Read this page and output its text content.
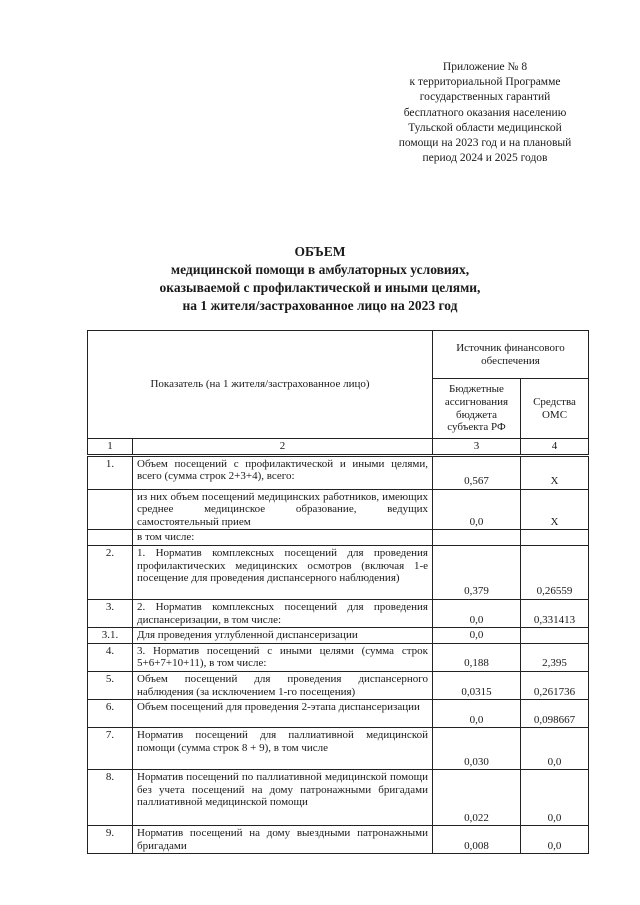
Приложение № 8
к территориальной Программе
государственных гарантий
бесплатного оказания населению
Тульской области медицинской
помощи на 2023 год и на плановый
период 2024 и 2025 годов
ОБЪЕМ
медицинской помощи в амбулаторных условиях,
оказываемой с профилактической и иными целями,
на 1 жителя/застрахованное лицо на 2023 год
Показатель (на 1 жителя/застрахованное лицо)		Источник финансового обеспечения	
		Бюджетные ассигнования бюджета субъекта РФ	Средства ОМС
1	2	3	4
1.	Объем посещений с профилактической и иными целями, всего (сумма строк 2+3+4), всего:	0,567	Х
	из них объем посещений медицинских работников, имеющих среднее медицинское образование, ведущих самостоятельный прием	0,0	Х
	в том числе:		
2.	1. Норматив комплексных посещений для проведения профилактических медицинских осмотров (включая 1-е посещение для проведения диспансерного наблюдения)	0,379	0,26559
3.	2. Норматив комплексных посещений для проведения диспансеризации, в том числе:	0,0	0,331413
3.1.	Для проведения углубленной диспансеризации	0,0	
4.	3. Норматив посещений с иными целями (сумма строк 5+6+7+10+11), в том числе:	0,188	2,395
5.	Объем посещений для проведения диспансерного наблюдения (за исключением 1-го посещения)	0,0315	0,261736
6.	Объем посещений для проведения 2-этапа диспансеризации	0,0	0,098667
7.	Норматив посещений для паллиативной медицинской помощи (сумма строк 8 + 9), в том числе	0,030	0,0
8.	Норматив посещений по паллиативной медицинской помощи без учета посещений на дому патронажными бригадами паллиативной медицинской помощи	0,022	0,0
9.	Норматив посещений на дому выездными патронажными бригадами	0,008	0,0
